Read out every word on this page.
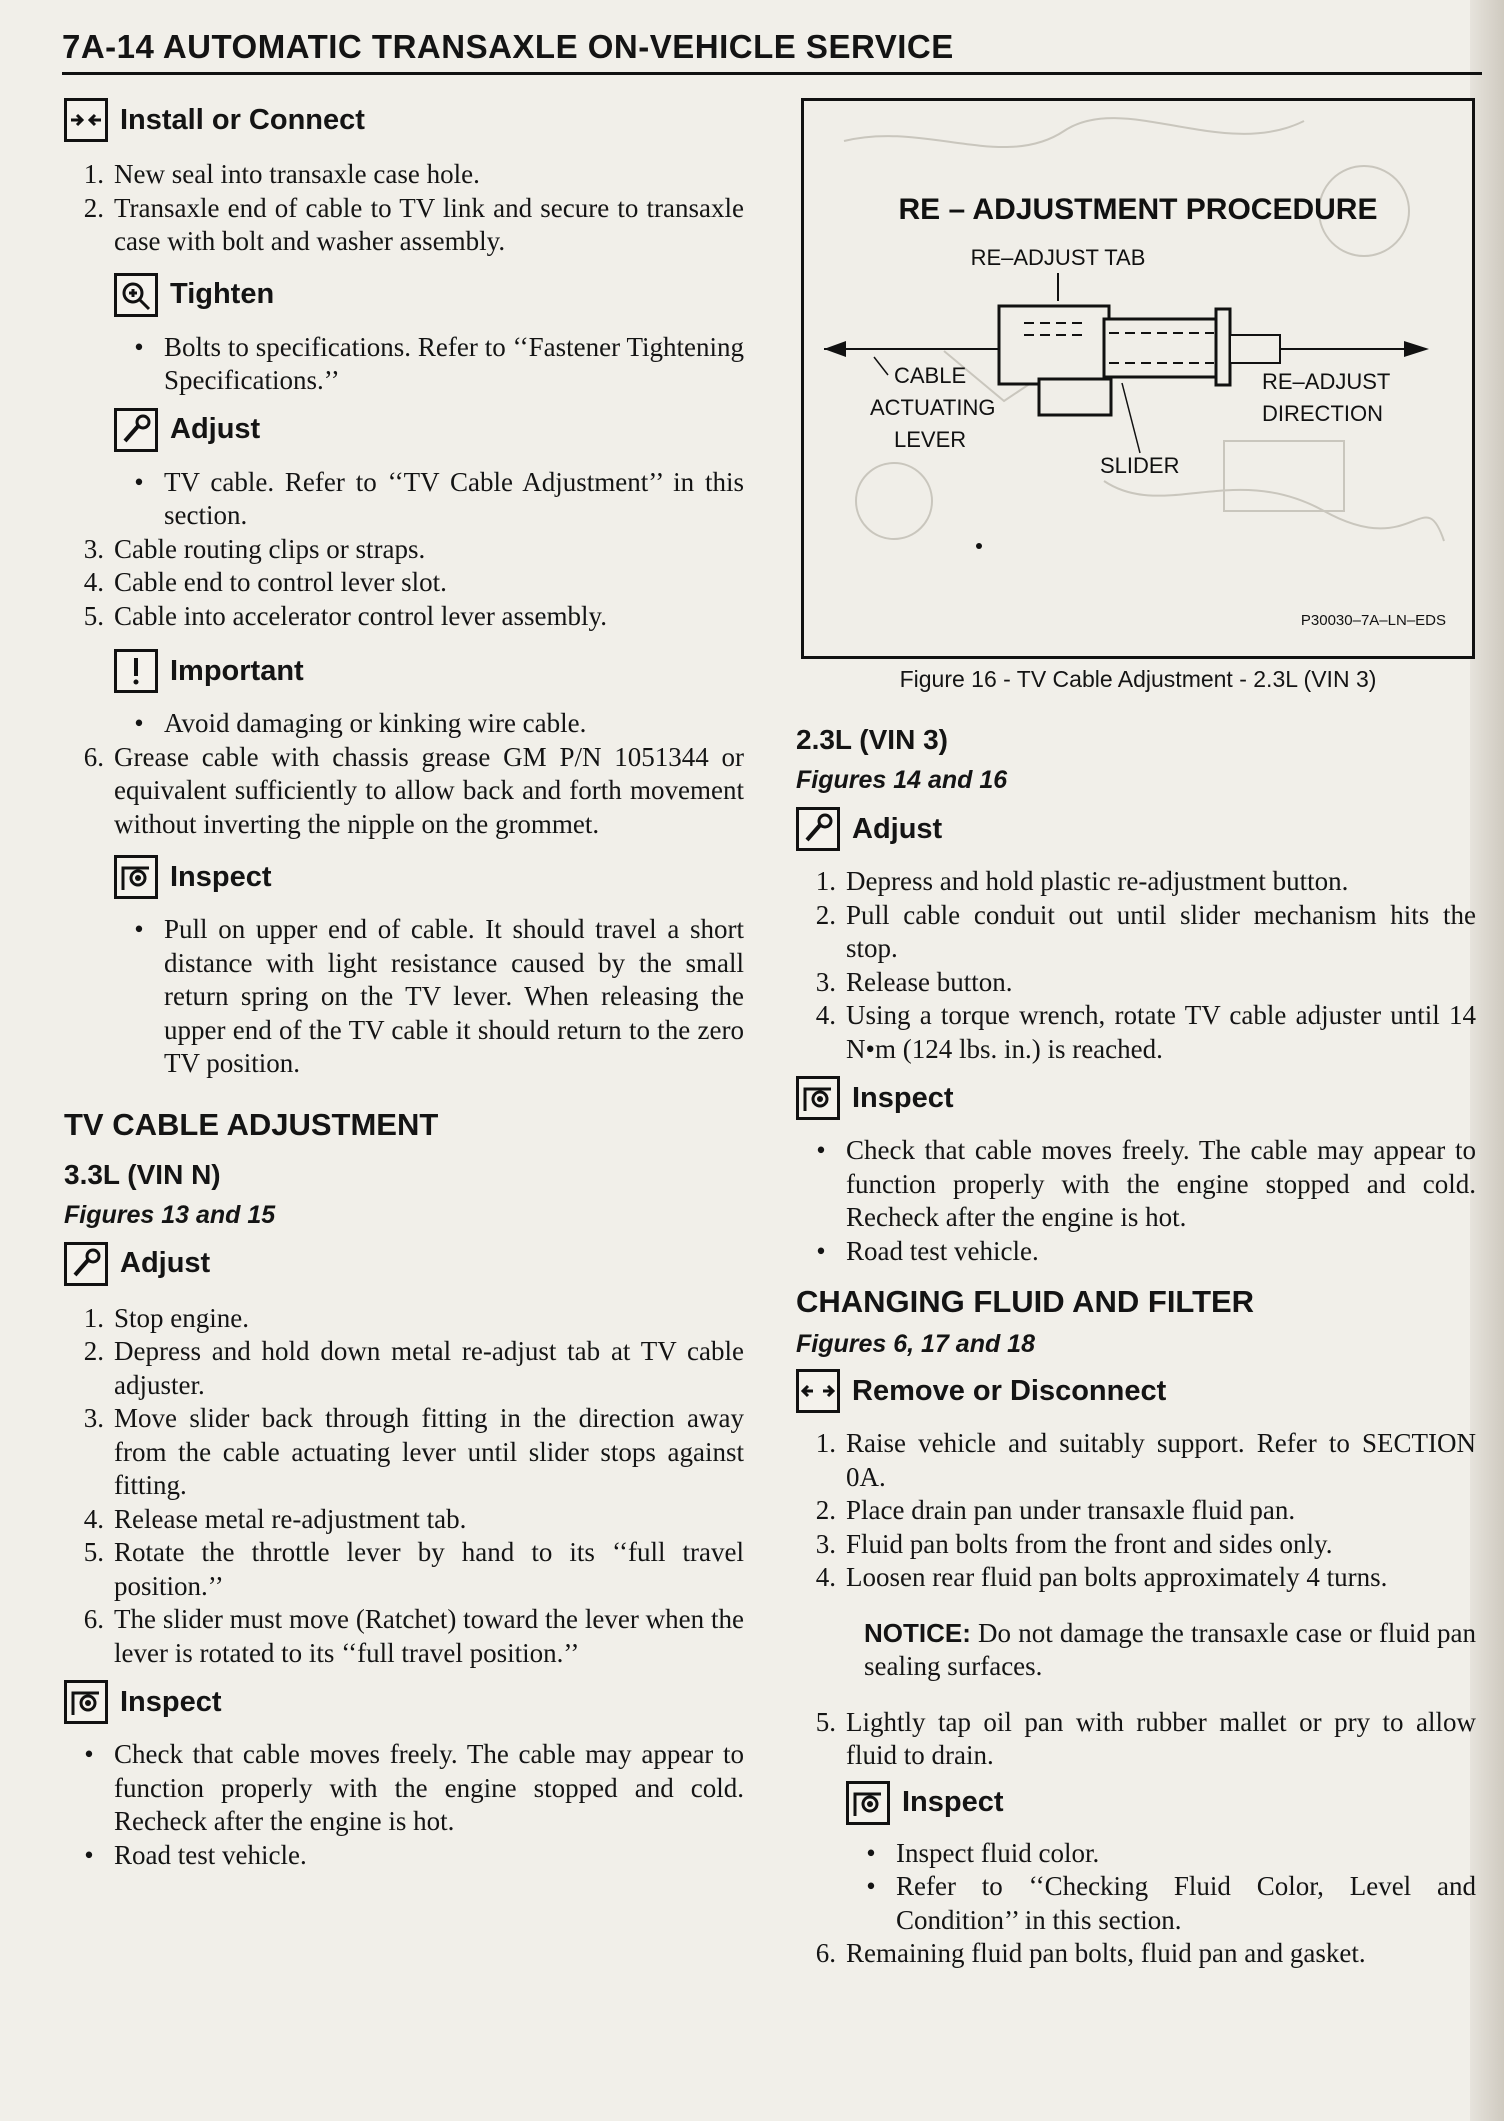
7A-14 AUTOMATIC TRANSAXLE ON-VEHICLE SERVICE
Install or Connect
1. New seal into transaxle case hole.
2. Transaxle end of cable to TV link and secure to transaxle case with bolt and washer assembly.
Tighten
• Bolts to specifications. Refer to ‘‘Fastener Tightening Specifications.’’
Adjust
• TV cable. Refer to ‘‘TV Cable Adjustment’’ in this section.
3. Cable routing clips or straps.
4. Cable end to control lever slot.
5. Cable into accelerator control lever assembly.
Important
• Avoid damaging or kinking wire cable.
6. Grease cable with chassis grease GM P/N 1051344 or equivalent sufficiently to allow back and forth movement without inverting the nipple on the grommet.
Inspect
• Pull on upper end of cable. It should travel a short distance with light resistance caused by the small return spring on the TV lever. When releasing the upper end of the TV cable it should return to the zero TV position.
TV CABLE ADJUSTMENT
3.3L (VIN N)
Figures 13 and 15
Adjust
1. Stop engine.
2. Depress and hold down metal re-adjust tab at TV cable adjuster.
3. Move slider back through fitting in the direction away from the cable actuating lever until slider stops against fitting.
4. Release metal re-adjustment tab.
5. Rotate the throttle lever by hand to its ‘‘full travel position.’’
6. The slider must move (Ratchet) toward the lever when the lever is rotated to its ‘‘full travel position.’’
Inspect
• Check that cable moves freely. The cable may appear to function properly with the engine stopped and cold. Recheck after the engine is hot.
• Road test vehicle.
RE – ADJUSTMENT PROCEDURE
RE–ADJUST TAB
CABLE
ACTUATING
LEVER
RE–ADJUST
DIRECTION
SLIDER
P30030–7A–LN–EDS
Figure 16 - TV Cable Adjustment - 2.3L (VIN 3)
2.3L (VIN 3)
Figures 14 and 16
Adjust
1. Depress and hold plastic re-adjustment button.
2. Pull cable conduit out until slider mechanism hits the stop.
3. Release button.
4. Using a torque wrench, rotate TV cable adjuster until 14 N•m (124 lbs. in.) is reached.
Inspect
• Check that cable moves freely. The cable may appear to function properly with the engine stopped and cold. Recheck after the engine is hot.
• Road test vehicle.
CHANGING FLUID AND FILTER
Figures 6, 17 and 18
Remove or Disconnect
1. Raise vehicle and suitably support. Refer to SECTION 0A.
2. Place drain pan under transaxle fluid pan.
3. Fluid pan bolts from the front and sides only.
4. Loosen rear fluid pan bolts approximately 4 turns.
NOTICE: Do not damage the transaxle case or fluid pan sealing surfaces.
5. Lightly tap oil pan with rubber mallet or pry to allow fluid to drain.
Inspect
• Inspect fluid color.
• Refer to ‘‘Checking Fluid Color, Level and Condition’’ in this section.
6. Remaining fluid pan bolts, fluid pan and gasket.
